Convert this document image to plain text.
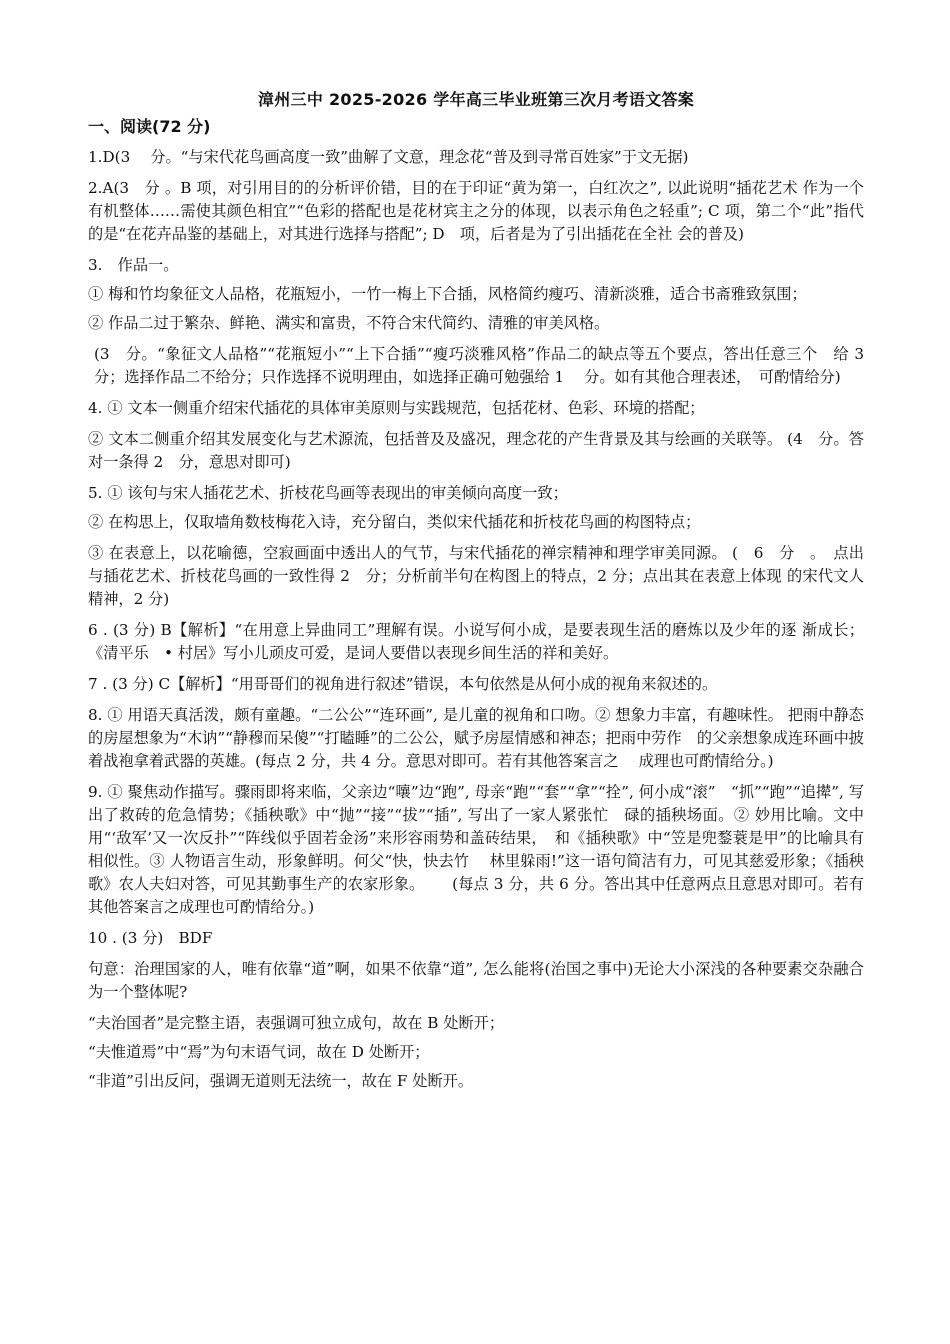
漳州三中 2025-2026 学年高三毕业班第三次月考语文答案
一、阅读(72 分)
1.D(3　 分。“与宋代花鸟画高度一致”曲解了文意，理念花“普及到寻常百姓家”于文无据)
2.A(3　分 。B 项，对引用目的的分析评价错，目的在于印证“黄为第一，白红次之”, 以此说明“插花艺术 作为一个有机整体……需使其颜色相宜”“色彩的搭配也是花材宾主之分的体现，以表示角色之轻重”; C 项，第二个“此”指代的是“在花卉品鉴的基础上，对其进行选择与搭配”; D　项，后者是为了引出插花在全社 会的普及)
3.　作品一。
① 梅和竹均象征文人品格，花瓶短小，一竹一梅上下合插，风格简约瘦巧、清新淡雅，适合书斋雅致氛围；
② 作品二过于繁杂、鲜艳、满实和富贵，不符合宋代简约、清雅的审美风格。
(3　分。“象征文人品格”“花瓶短小”“上下合插”“瘦巧淡雅风格”作品二的缺点等五个要点，答出任意三个　给 3　分；选择作品二不给分；只作选择不说明理由，如选择正确可勉强给 1　 分。如有其他合理表述，　可酌情给分)
4. ① 文本一侧重介绍宋代插花的具体审美原则与实践规范，包括花材、色彩、环境的搭配；
② 文本二侧重介绍其发展变化与艺术源流，包括普及及盛况，理念花的产生背景及其与绘画的关联等。 (4　分。答对一条得 2　分，意思对即可)
5. ① 该句与宋人插花艺术、折枝花鸟画等表现出的审美倾向高度一致；
② 在构思上，仅取墙角数枝梅花入诗，充分留白，类似宋代插花和折枝花鸟画的构图特点；
③ 在表意上，以花喻德，空寂画面中透出人的气节，与宋代插花的禅宗精神和理学审美同源。 (　6　分　。　点出 与插花艺术、折枝花鸟画的一致性得 2　分；分析前半句在构图上的特点，2 分；点出其在表意上体现 的宋代文人精神，2 分)
6 . (3 分) B【解析】“在用意上异曲同工”理解有误。小说写何小成，是要表现生活的磨炼以及少年的逐 渐成长；《清平乐　• 村居》写小儿顽皮可爱，是词人要借以表现乡间生活的祥和美好。
7 . (3 分) C【解析】“用哥哥们的视角进行叙述”错误，本句依然是从何小成的视角来叙述的。
8. ① 用语天真活泼，颇有童趣。“二公公”“连环画”, 是儿童的视角和口吻。② 想象力丰富，有趣味性。 把雨中静态的房屋想象为“木讷”“静穆而呆傻”“打瞌睡”的二公公，赋予房屋情感和神态；把雨中劳作　的父亲想象成连环画中披着战袍拿着武器的英雄。(每点 2 分，共 4 分。意思对即可。若有其他答案言之　 成理也可酌情给分。)
9. ① 聚焦动作描写。骤雨即将来临，父亲边“嚷”边“跑”, 母亲“跑”“套”“拿”“拴”, 何小成“滚”　“抓”“跑”“追撵”, 写出了救砖的危急情势；《插秧歌》中“抛”“接”“拔”“插”, 写出了一家人紧张忙　碌的插秧场面。② 妙用比喻。文中用“‘敌军’又一次反扑”“阵线似乎固若金汤”来形容雨势和盖砖结果，　和《插秧歌》中“笠是兜鍪蓑是甲”的比喻具有相似性。③ 人物语言生动，形象鲜明。何父“快，快去竹　 林里躲雨!”这一语句简洁有力，可见其慈爱形象；《插秧歌》农人夫妇对答，可见其勤事生产的农家形象。　　 (每点 3 分，共 6 分。答出其中任意两点且意思对即可。若有其他答案言之成理也可酌情给分。)
10 . (3 分)　BDF
句意：治理国家的人，唯有依靠“道”啊，如果不依靠“道”, 怎么能将(治国之事中)无论大小深浅的各种要素交杂融合为一个整体呢?
“夫治国者”是完整主语，表强调可独立成句，故在 B 处断开；
“夫惟道焉”中“焉”为句末语气词，故在 D 处断开；
“非道”引出反问，强调无道则无法统一，故在 F 处断开。
